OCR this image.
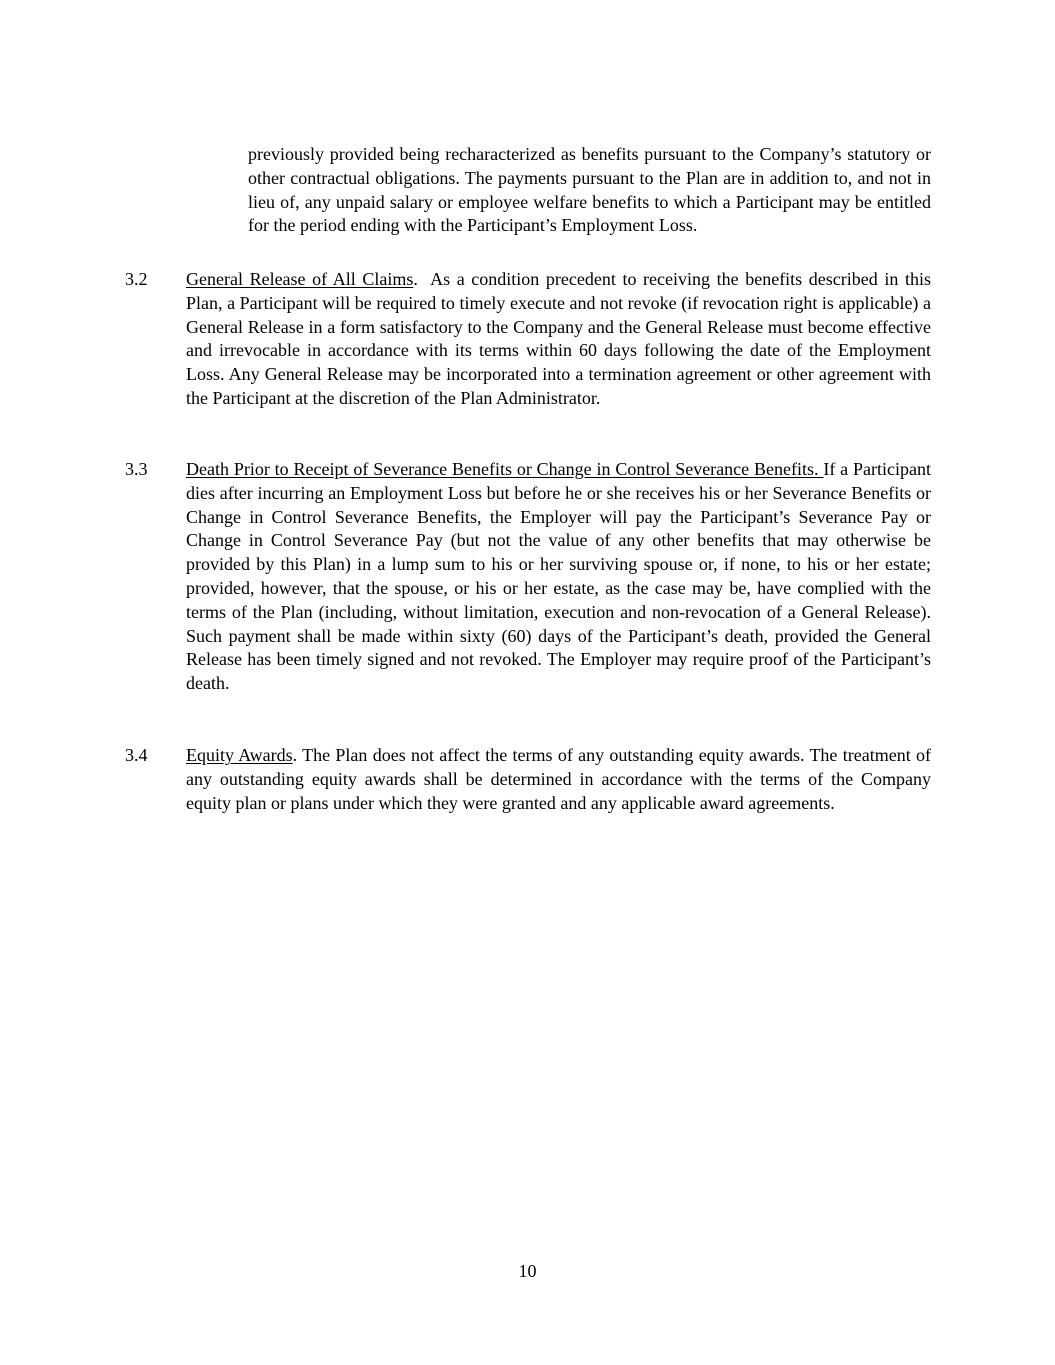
previously provided being recharacterized as benefits pursuant to the Company’s statutory or other contractual obligations. The payments pursuant to the Plan are in addition to, and not in lieu of, any unpaid salary or employee welfare benefits to which a Participant may be entitled for the period ending with the Participant’s Employment Loss.

3.2	General Release of All Claims.  As a condition precedent to receiving the benefits described in this Plan, a Participant will be required to timely execute and not revoke (if revocation right is applicable) a General Release in a form satisfactory to the Company and the General Release must become effective and irrevocable in accordance with its terms within 60 days following the date of the Employment Loss. Any General Release may be incorporated into a termination agreement or other agreement with the Participant at the discretion of the Plan Administrator.
3.3	Death Prior to Receipt of Severance Benefits or Change in Control Severance Benefits. If a Participant dies after incurring an Employment Loss but before he or she receives his or her Severance Benefits or Change in Control Severance Benefits, the Employer will pay the Participant’s Severance Pay or Change in Control Severance Pay (but not the value of any other benefits that may otherwise be provided by this Plan) in a lump sum to his or her surviving spouse or, if none, to his or her estate; provided, however, that the spouse, or his or her estate, as the case may be, have complied with the terms of the Plan (including, without limitation, execution and non-revocation of a General Release). Such payment shall be made within sixty (60) days of the Participant’s death, provided the General Release has been timely signed and not revoked. The Employer may require proof of the Participant’s death.
3.4	Equity Awards. The Plan does not affect the terms of any outstanding equity awards. The treatment of any outstanding equity awards shall be determined in accordance with the terms of the Company equity plan or plans under which they were granted and any applicable award agreements.
10
